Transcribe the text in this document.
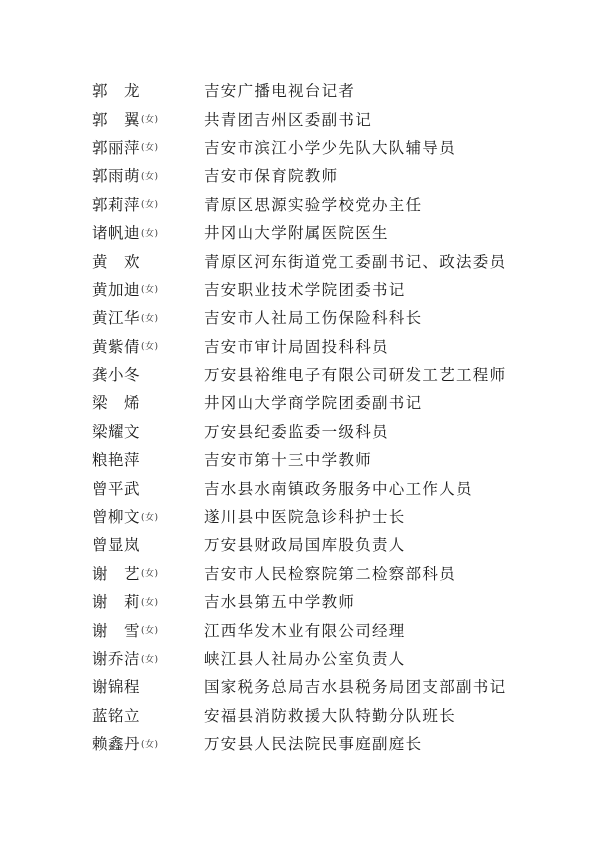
郭　龙	吉安广播电视台记者
郭　翼 (女)	共青团吉州区委副书记
郭丽萍 (女)	吉安市滨江小学少先队大队辅导员
郭雨萌 (女)	吉安市保育院教师
郭莉萍 (女)	青原区思源实验学校党办主任
诸帆迪 (女)	井冈山大学附属医院医生
黄　欢	青原区河东街道党工委副书记、政法委员
黄加迪 (女)	吉安职业技术学院团委书记
黄江华 (女)	吉安市人社局工伤保险科科长
黄紫倩 (女)	吉安市审计局固投科科员
龚小冬	万安县裕维电子有限公司研发工艺工程师
梁　烯	井冈山大学商学院团委副书记
梁耀文	万安县纪委监委一级科员
粮艳萍	吉安市第十三中学教师
曾平武	吉水县水南镇政务服务中心工作人员
曾柳文 (女)	遂川县中医院急诊科护士长
曾显岚	万安县财政局国库股负责人
谢　艺 (女)	吉安市人民检察院第二检察部科员
谢　莉 (女)	吉水县第五中学教师
谢　雪 (女)	江西华发木业有限公司经理
谢乔洁 (女)	峡江县人社局办公室负责人
谢锦程	国家税务总局吉水县税务局团支部副书记
蓝铭立	安福县消防救援大队特勤分队班长
赖鑫丹 (女)	万安县人民法院民事庭副庭长
